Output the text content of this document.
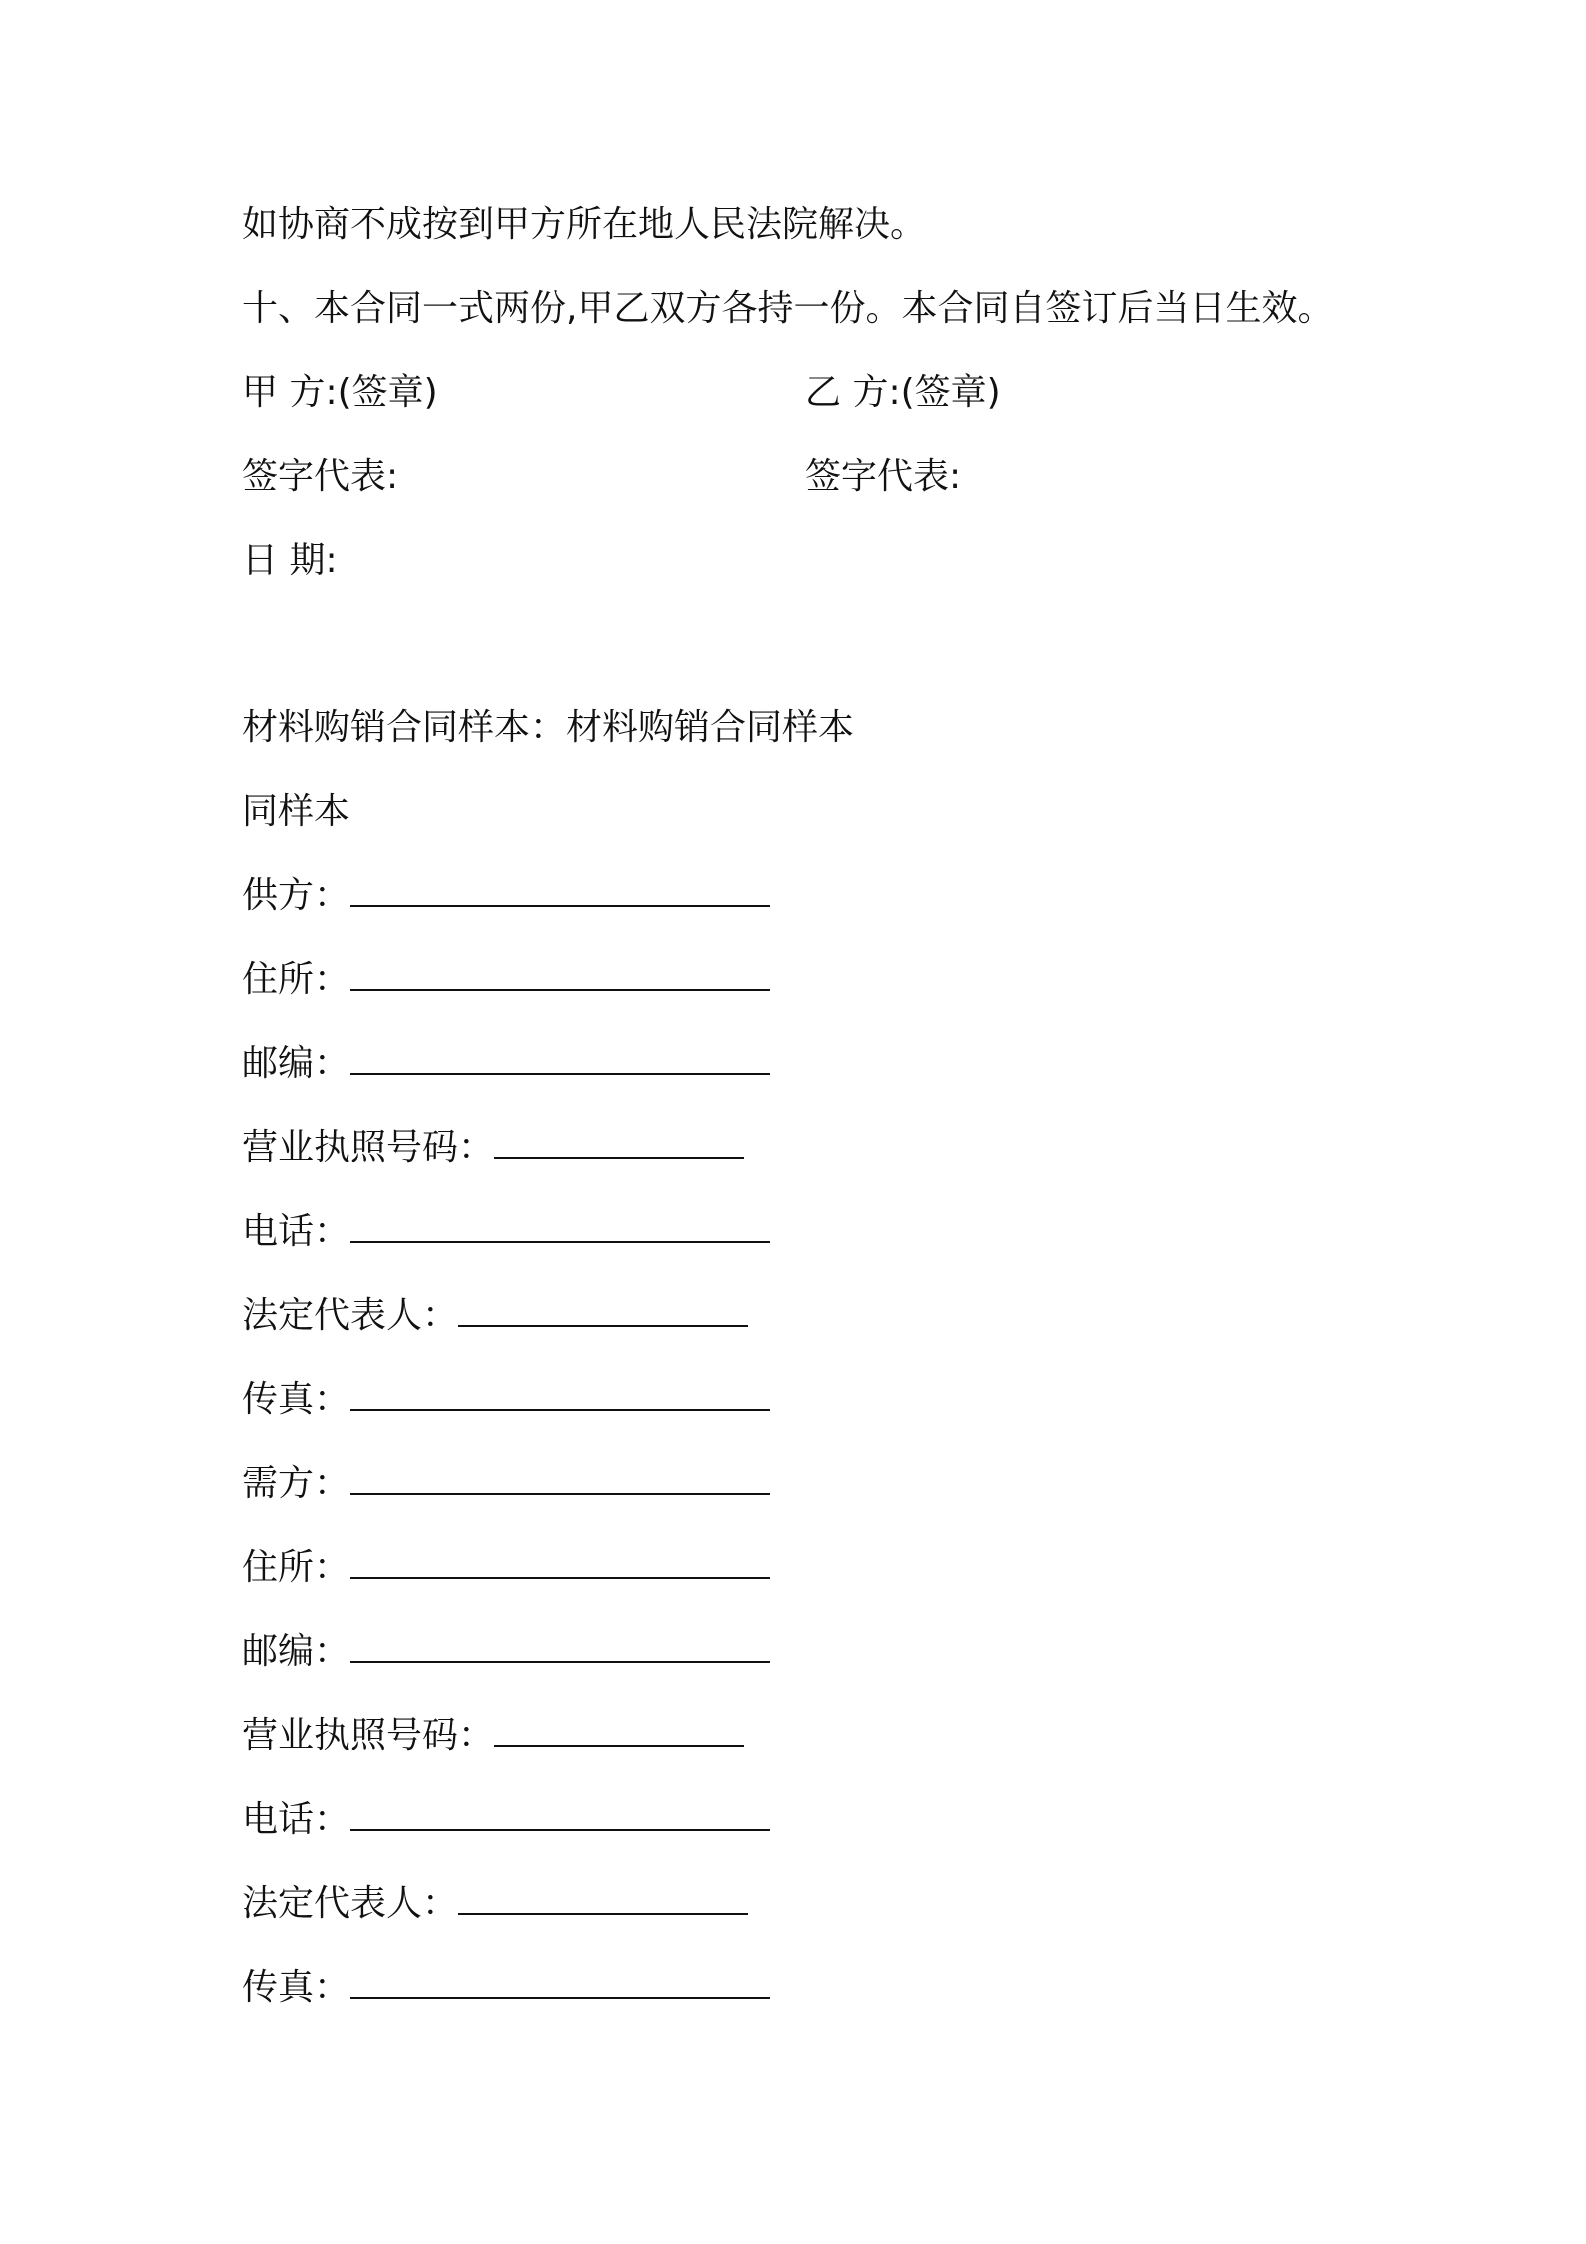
如协商不成按到甲方所在地人民法院解决。
十、本合同一式两份,甲乙双方各持一份。本合同自签订后当日生效。
甲 方:(签章)	乙 方:(签章)
签字代表:	签字代表:
日 期:
材料购销合同样本：材料购销合同样本
同样本
供方：
住所：
邮编：
营业执照号码：
电话：
法定代表人：
传真：
需方：
住所：
邮编：
营业执照号码：
电话：
法定代表人：
传真：
